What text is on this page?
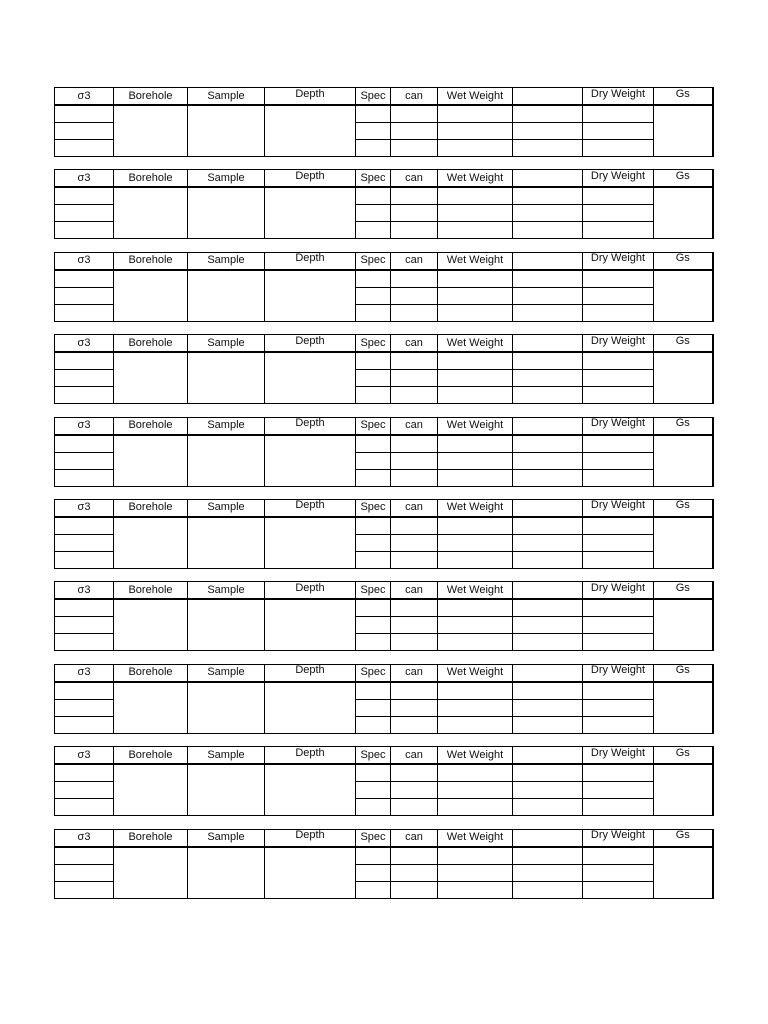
σ3	Borehole	Sample	Depth	Spec	can	Wet Weight		Dry Weight	Gs

σ3	Borehole	Sample	Depth	Spec	can	Wet Weight		Dry Weight	Gs

σ3	Borehole	Sample	Depth	Spec	can	Wet Weight		Dry Weight	Gs

σ3	Borehole	Sample	Depth	Spec	can	Wet Weight		Dry Weight	Gs

σ3	Borehole	Sample	Depth	Spec	can	Wet Weight		Dry Weight	Gs

σ3	Borehole	Sample	Depth	Spec	can	Wet Weight		Dry Weight	Gs

σ3	Borehole	Sample	Depth	Spec	can	Wet Weight		Dry Weight	Gs

σ3	Borehole	Sample	Depth	Spec	can	Wet Weight		Dry Weight	Gs

σ3	Borehole	Sample	Depth	Spec	can	Wet Weight		Dry Weight	Gs

σ3	Borehole	Sample	Depth	Spec	can	Wet Weight		Dry Weight	Gs
